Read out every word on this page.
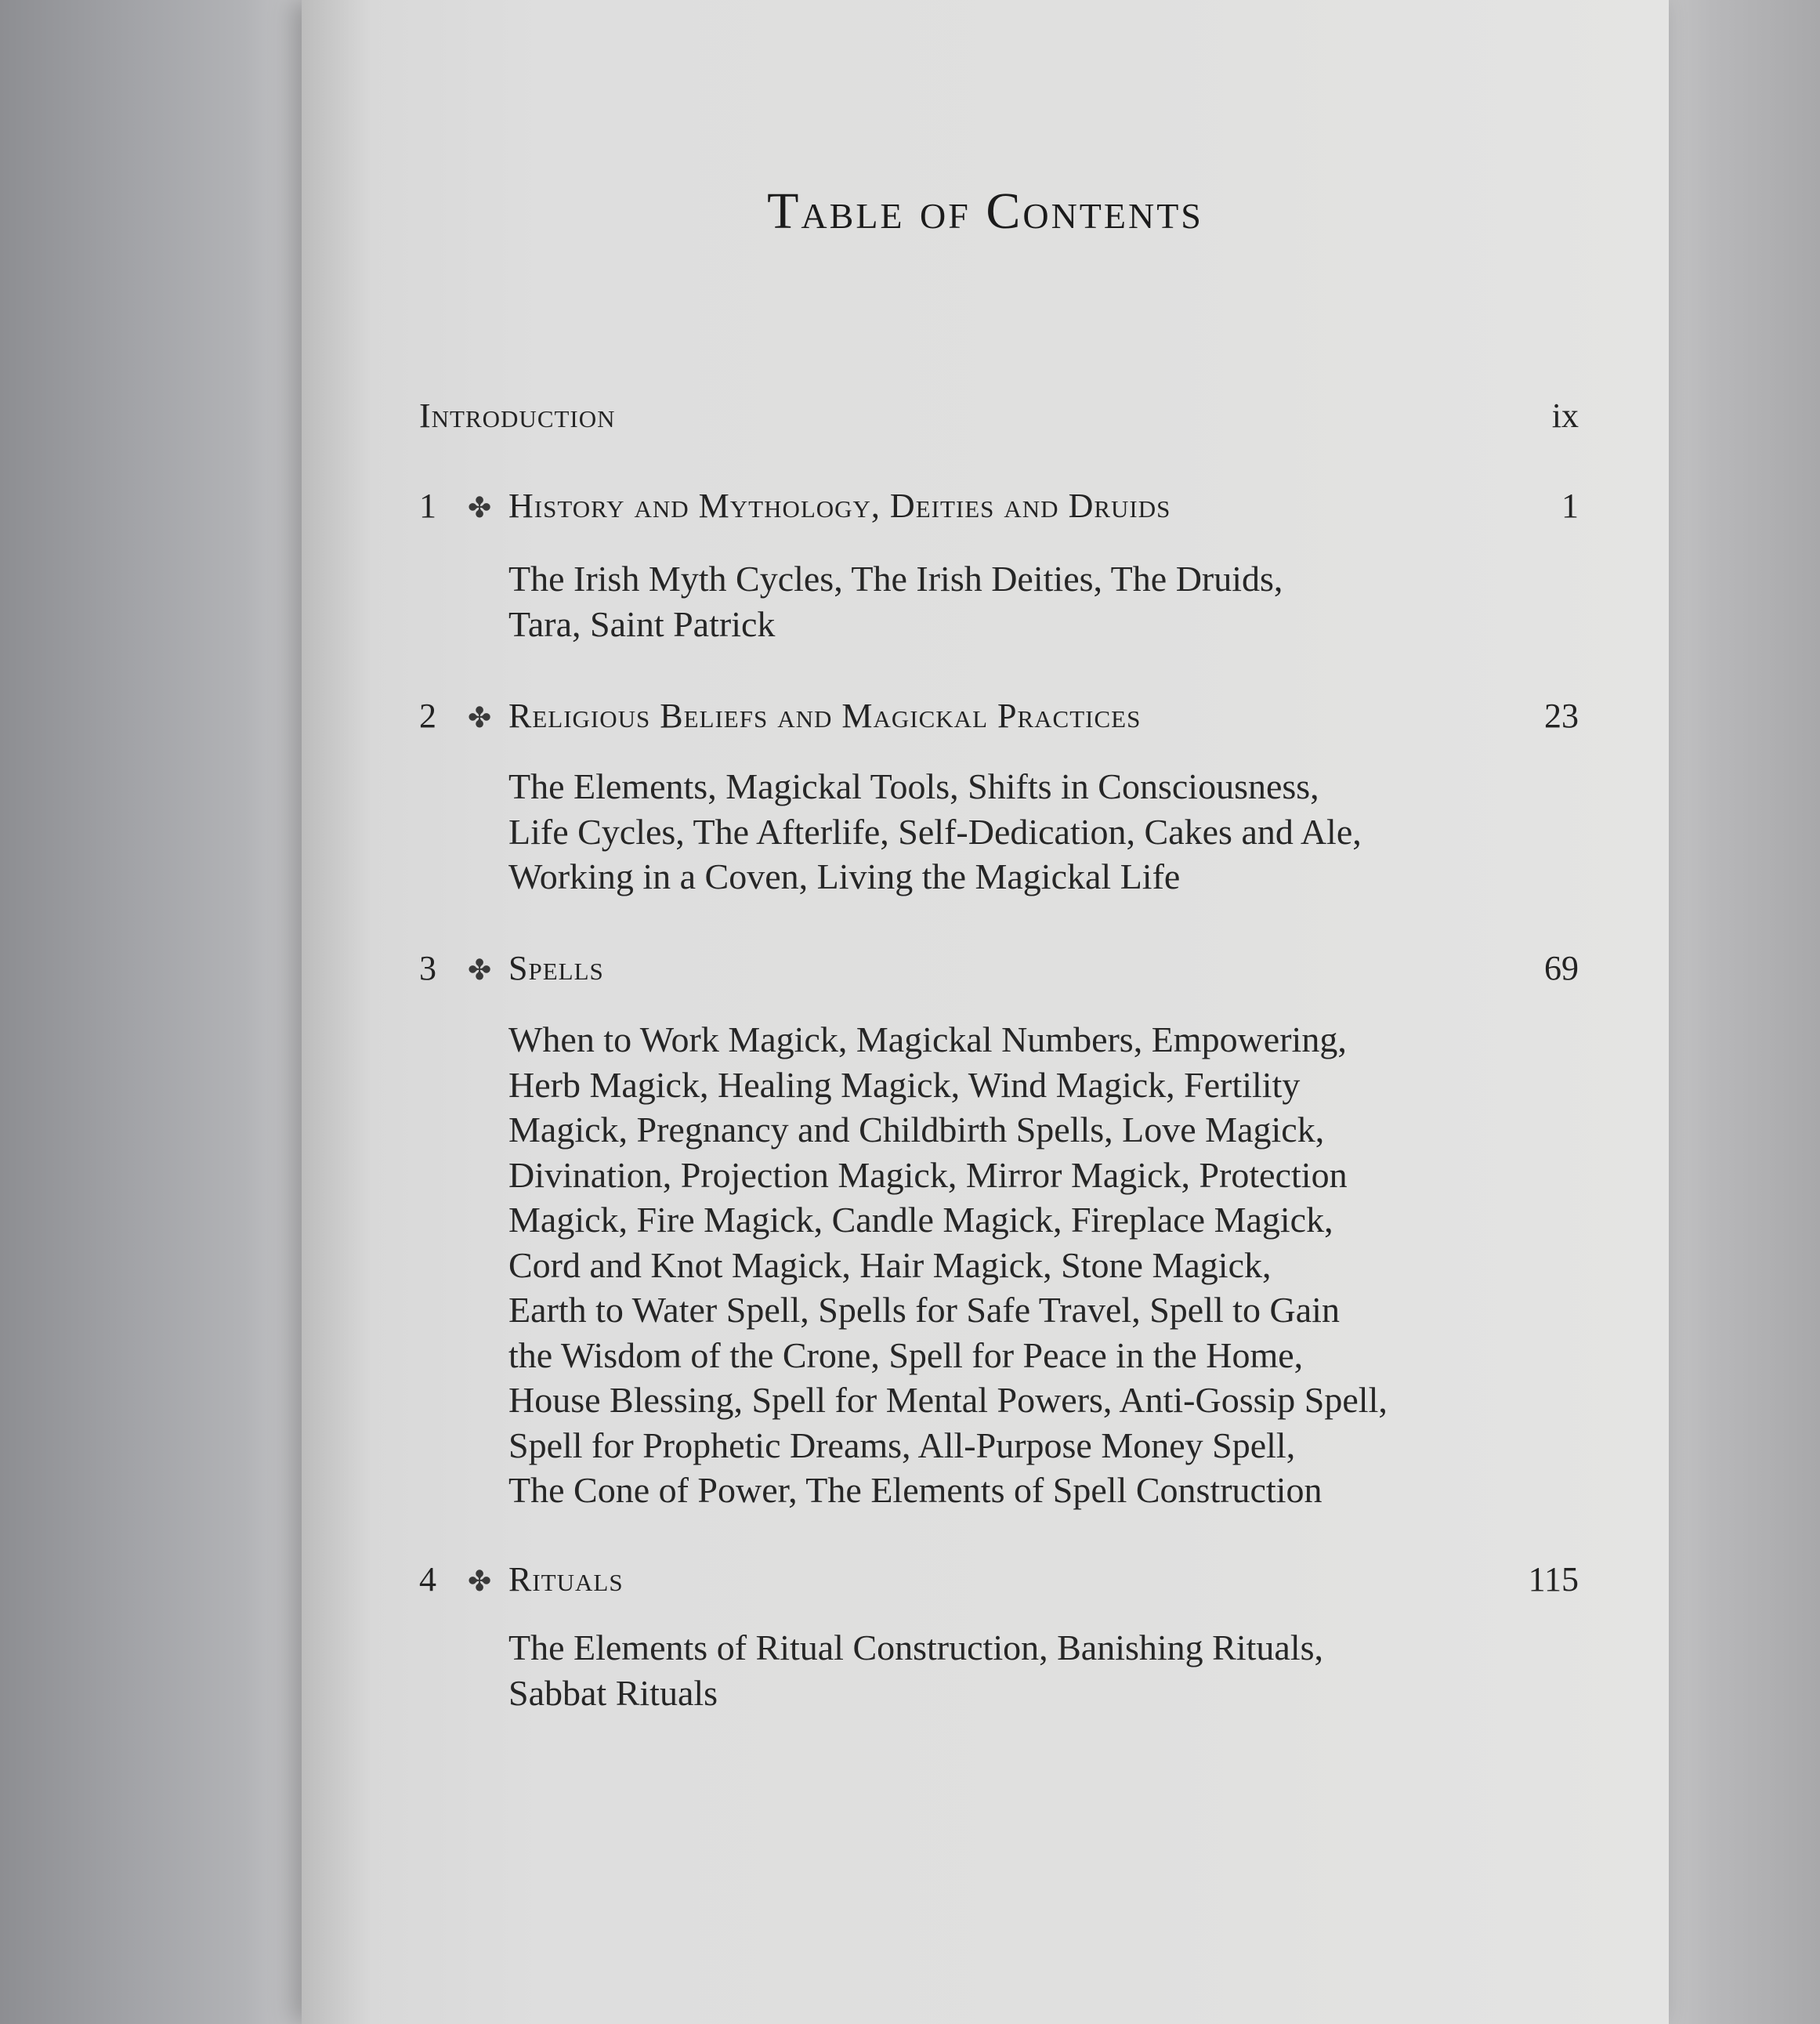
Table of Contents
Introduction	ix
1 ✤ History and Mythology, Deities and Druids	1
The Irish Myth Cycles, The Irish Deities, The Druids,
Tara, Saint Patrick
2 ✤ Religious Beliefs and Magickal Practices	23
The Elements, Magickal Tools, Shifts in Consciousness,
Life Cycles, The Afterlife, Self-Dedication, Cakes and Ale,
Working in a Coven, Living the Magickal Life
3 ✤ Spells	69
When to Work Magick, Magickal Numbers, Empowering,
Herb Magick, Healing Magick, Wind Magick, Fertility
Magick, Pregnancy and Childbirth Spells, Love Magick,
Divination, Projection Magick, Mirror Magick, Protection
Magick, Fire Magick, Candle Magick, Fireplace Magick,
Cord and Knot Magick, Hair Magick, Stone Magick,
Earth to Water Spell, Spells for Safe Travel, Spell to Gain
the Wisdom of the Crone, Spell for Peace in the Home,
House Blessing, Spell for Mental Powers, Anti-Gossip Spell,
Spell for Prophetic Dreams, All-Purpose Money Spell,
The Cone of Power, The Elements of Spell Construction
4 ✤ Rituals	115
The Elements of Ritual Construction, Banishing Rituals,
Sabbat Rituals
